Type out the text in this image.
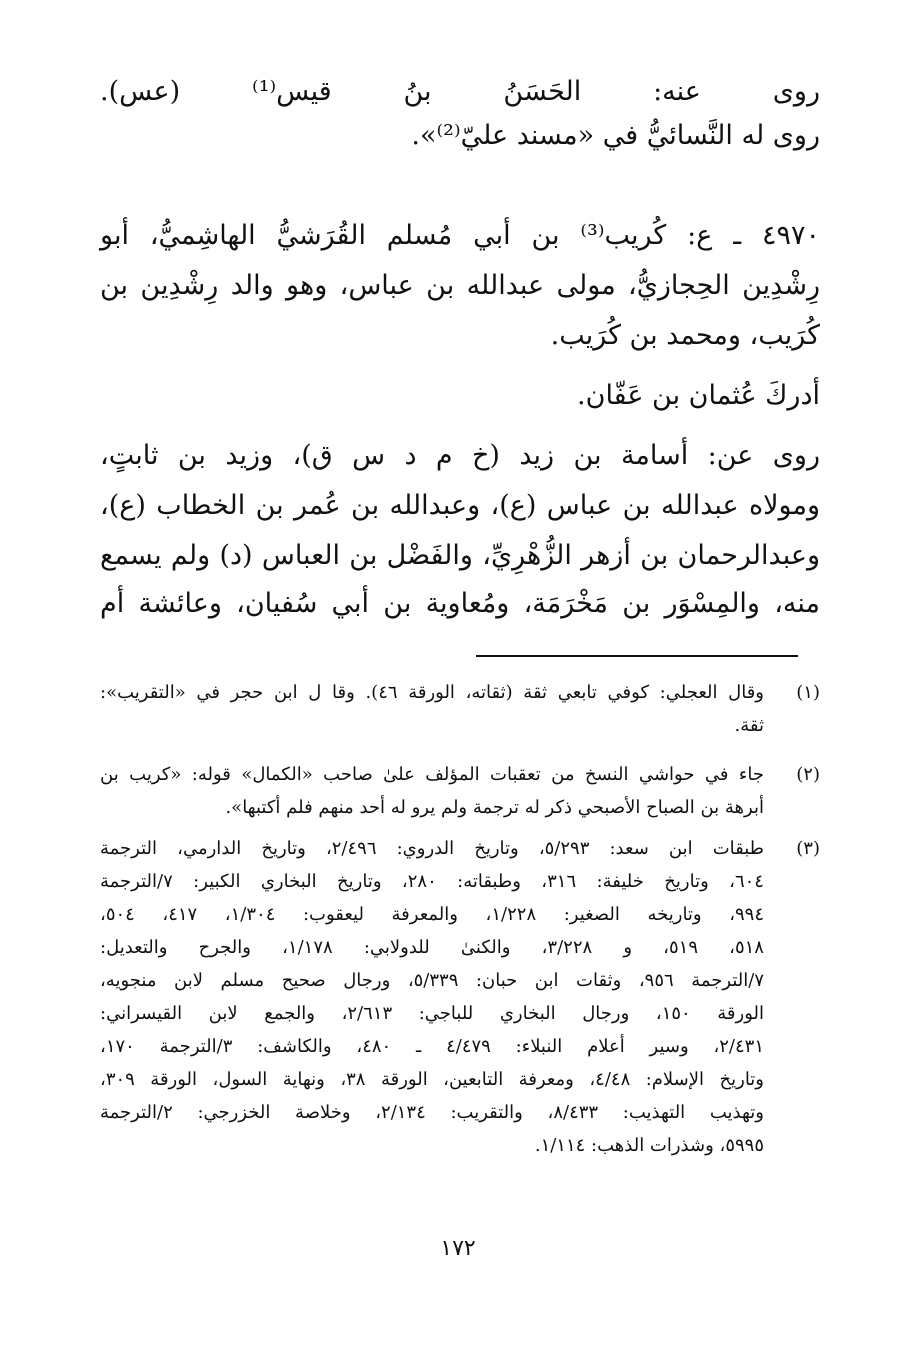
روى عنه: الحَسَنُ بنُ قيس⁽¹⁾ (عس).
روى له النَّسائيُّ في «مسند عليّ⁽²⁾».
٤٩٧٠ ـ ع: كُريب⁽³⁾ بن أبي مُسلم القُرَشيُّ الهاشِميُّ، أبو
رِشْدِين الحِجازيُّ، مولى عبدالله بن عباس، وهو والد رِشْدِين بن
كُرَيب، ومحمد بن كُرَيب.
أدركَ عُثمان بن عَفّان.
روى عن: أسامة بن زيد (خ م د س ق)، وزيد بن ثابتٍ،
ومولاه عبدالله بن عباس (ع)، وعبدالله بن عُمر بن الخطاب (ع)،
وعبدالرحمان بن أزهر الزُّهْرِيِّ، والفَضْل بن العباس (د) ولم يسمع
منه، والمِسْوَر بن مَخْرَمَة، ومُعاوية بن أبي سُفيان، وعائشة أم
(١)
وقال العجلي: كوفي تابعي ثقة (ثقاته، الورقة ٤٦). وقا ل ابن حجر في «التقريب»:
ثقة.
(٢)
جاء في حواشي النسخ من تعقبات المؤلف علىٰ صاحب «الكمال» قوله: «كريب بن
أبرهة بن الصباح الأصبحي ذكر له ترجمة ولم يرو له أحد منهم فلم أكتبها».
(٣)
طبقات ابن سعد: ٥/٢٩٣، وتاريخ الدروي: ٢/٤٩٦، وتاريخ الدارمي، الترجمة
٦٠٤، وتاريخ خليفة: ٣١٦، وطبقاته: ٢٨٠، وتاريخ البخاري الكبير: ٧/الترجمة
٩٩٤، وتاريخه الصغير: ١/٢٢٨، والمعرفة ليعقوب: ١/٣٠٤، ٤١٧، ٥٠٤،
٥١٨، ٥١٩، و ٣/٢٢٨، والكنىٰ للدولابي: ١/١٧٨، والجرح والتعديل:
٧/الترجمة ٩٥٦، وثقات ابن حبان: ٥/٣٣٩، ورجال صحيح مسلم لابن منجويه،
الورقة ١٥٠، ورجال البخاري للباجي: ٢/٦١٣، والجمع لابن القيسراني:
٢/٤٣١، وسير أعلام النبلاء: ٤/٤٧٩ ـ ٤٨٠، والكاشف: ٣/الترجمة ١٧٠،
وتاريخ الإسلام: ٤/٤٨، ومعرفة التابعين، الورقة ٣٨، ونهاية السول، الورقة ٣٠٩،
وتهذيب التهذيب: ٨/٤٣٣، والتقريب: ٢/١٣٤، وخلاصة الخزرجي: ٢/الترجمة
٥٩٩٥، وشذرات الذهب: ١/١١٤.
١٧٢
